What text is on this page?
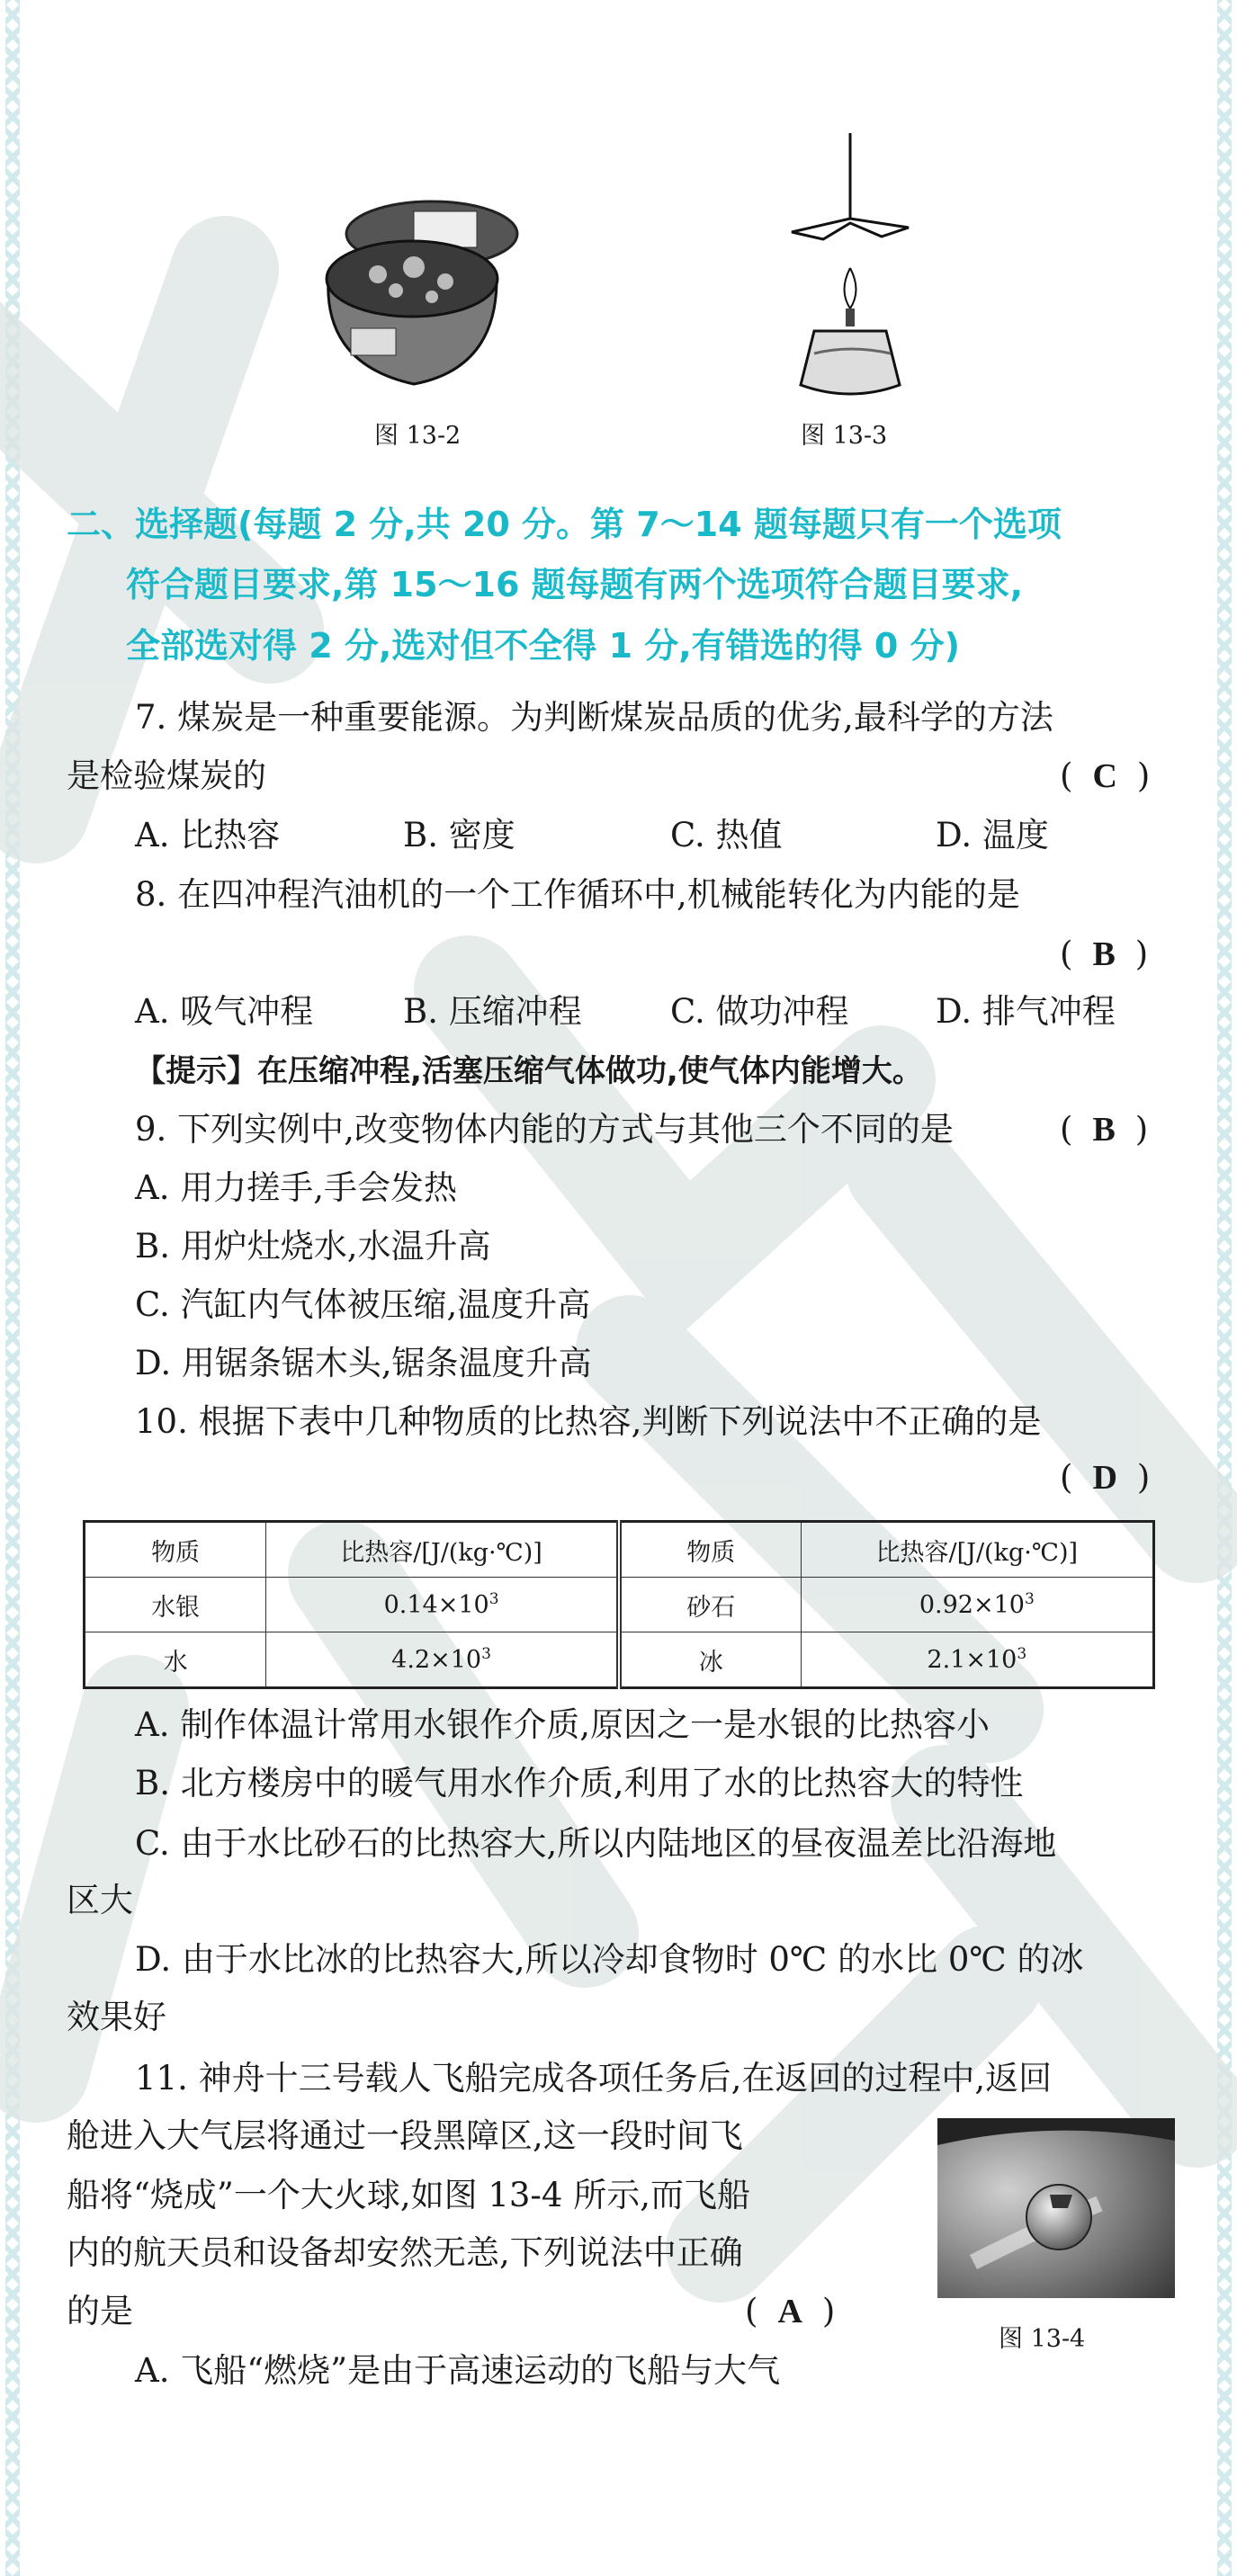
图 13-2	图 13-3
二、选择题(每题 2 分,共 20 分。第 7～14 题每题只有一个选项
符合题目要求,第 15～16 题每题有两个选项符合题目要求,
全部选对得 2 分,选对但不全得 1 分,有错选的得 0 分)
7. 煤炭是一种重要能源。为判断煤炭品质的优劣,最科学的方法
是检验煤炭的	( C )
A. 比热容	B. 密度	C. 热值	D. 温度
8. 在四冲程汽油机的一个工作循环中,机械能转化为内能的是
( B )
A. 吸气冲程	B. 压缩冲程	C. 做功冲程	D. 排气冲程
【提示】在压缩冲程,活塞压缩气体做功,使气体内能增大。
9. 下列实例中,改变物体内能的方式与其他三个不同的是	( B )
A. 用力搓手,手会发热
B. 用炉灶烧水,水温升高
C. 汽缸内气体被压缩,温度升高
D. 用锯条锯木头,锯条温度升高
10. 根据下表中几种物质的比热容,判断下列说法中不正确的是
( D )
物质	比热容/[J/(kg·℃)]	物质	比热容/[J/(kg·℃)]
水银	$0.14\times 10^3$	砂石	$0.92\times 10^3$
水	$4.2\times 10^3$	冰	$2.1\times 10^3$
A. 制作体温计常用水银作介质,原因之一是水银的比热容小
B. 北方楼房中的暖气用水作介质,利用了水的比热容大的特性
C. 由于水比砂石的比热容大,所以内陆地区的昼夜温差比沿海地
区大
D. 由于水比冰的比热容大,所以冷却食物时 0℃ 的水比 0℃ 的冰
效果好
11. 神舟十三号载人飞船完成各项任务后,在返回的过程中,返回
舱进入大气层将通过一段黑障区,这一段时间飞
船将“烧成”一个大火球,如图 13-4 所示,而飞船
内的航天员和设备却安然无恙,下列说法中正确
的是	( A )
A. 飞船“燃烧”是由于高速运动的飞船与大气
图 13-4
